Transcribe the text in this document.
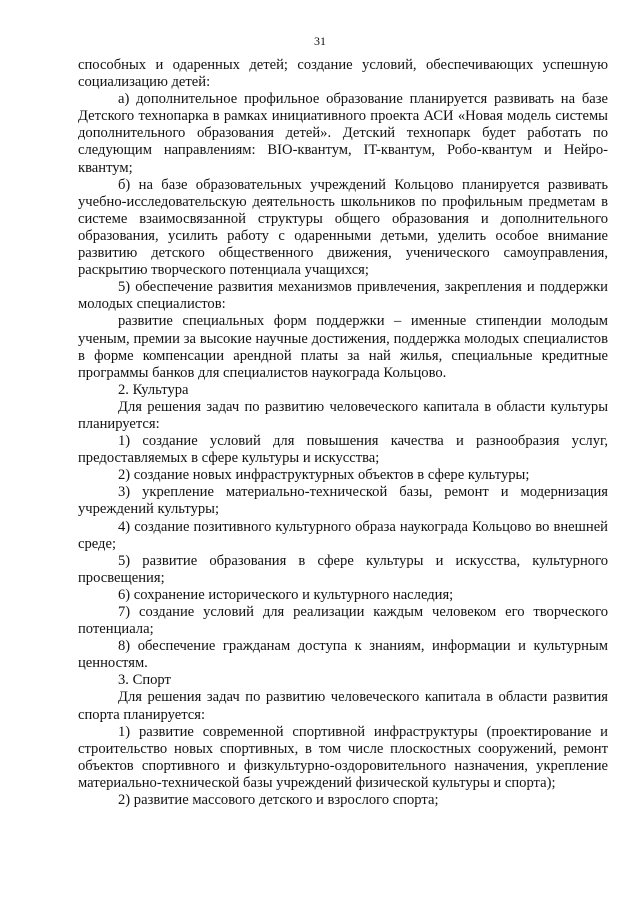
31

способных и одаренных детей; создание условий, обеспечивающих успешную социализацию детей:

а) дополнительное профильное образование планируется развивать на базе Детского технопарка в рамках инициативного проекта АСИ «Новая модель системы дополнительного образования детей». Детский технопарк будет работать по следующим направлениям: BIO-квантум, IT-квантум, Робо-квантум и Нейро-квантум;

б) на базе образовательных учреждений Кольцово планируется развивать учебно-исследовательскую деятельность школьников по профильным предметам в системе взаимосвязанной структуры общего образования и дополнительного образования, усилить работу с одаренными детьми, уделить особое внимание развитию детского общественного движения, ученического самоуправления, раскрытию творческого потенциала учащихся;

5) обеспечение развития механизмов привлечения, закрепления и поддержки молодых специалистов:

развитие специальных форм поддержки – именные стипендии молодым ученым, премии за высокие научные достижения, поддержка молодых специалистов в форме компенсации арендной платы за най жилья, специальные кредитные программы банков для специалистов наукограда Кольцово.

2. Культура

Для решения задач по развитию человеческого капитала в области культуры планируется:

1) создание условий для повышения качества и разнообразия услуг, предоставляемых в сфере культуры и искусства;

2) создание новых инфраструктурных объектов в сфере культуры;

3) укрепление материально-технической базы, ремонт и модернизация учреждений культуры;

4) создание позитивного культурного образа наукограда Кольцово во внешней среде;

5) развитие образования в сфере культуры и искусства, культурного просвещения;

6) сохранение исторического и культурного наследия;

7) создание условий для реализации каждым человеком его творческого потенциала;

8) обеспечение гражданам доступа к знаниям, информации и культурным ценностям.

3. Спорт

Для решения задач по развитию человеческого капитала в области развития спорта планируется:

1) развитие современной спортивной инфраструктуры (проектирование и строительство новых спортивных, в том числе плоскостных сооружений, ремонт объектов спортивного и физкультурно-оздоровительного назначения, укрепление материально-технической базы учреждений физической культуры и спорта);

2) развитие массового детского и взрослого спорта;
